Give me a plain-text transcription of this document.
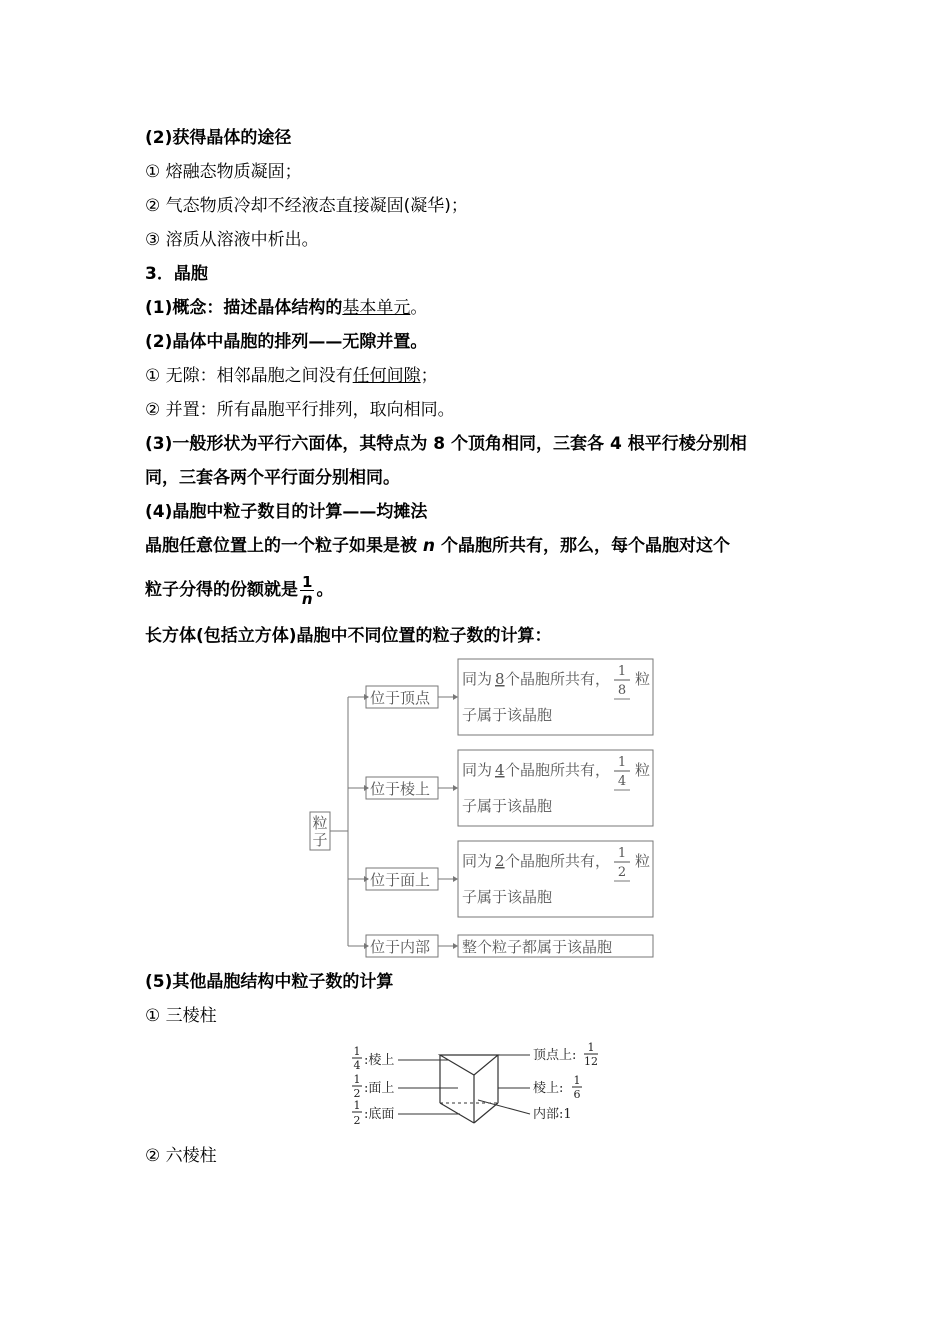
(2)获得晶体的途径
① 熔融态物质凝固；
② 气态物质冷却不经液态直接凝固(凝华)；
③ 溶质从溶液中析出。
3．晶胞
(1)概念：描述晶体结构的基本单元。
(2)晶体中晶胞的排列——无隙并置。
① 无隙：相邻晶胞之间没有任何间隙；
② 并置：所有晶胞平行排列，取向相同。
(3)一般形状为平行六面体，其特点为 8 个顶角相同，三套各 4 根平行棱分别相
同，三套各两个平行面分别相同。
(4)晶胞中粒子数目的计算——均摊法
晶胞任意位置上的一个粒子如果是被 n 个晶胞所共有，那么，每个晶胞对这个
粒子分得的份额就是 $\frac{1}{n}$ 。
长方体(包括立方体)晶胞中不同位置的粒子数的计算：
粒
子
位于顶点
位于棱上
位于面上
位于内部
同为 8 个晶胞所共有， 1
8
粒
子属于该晶胞
同为 4 个晶胞所共有， 1
4
粒
子属于该晶胞
同为 2 个晶胞所共有， 1
2
粒
子属于该晶胞
整个粒子都属于该晶胞
1
4 :棱上
1
2 :面上
1
2 :底面
顶点上:
1
12
棱上:
1
6
内部:1
(5)其他晶胞结构中粒子数的计算
① 三棱柱
② 六棱柱
